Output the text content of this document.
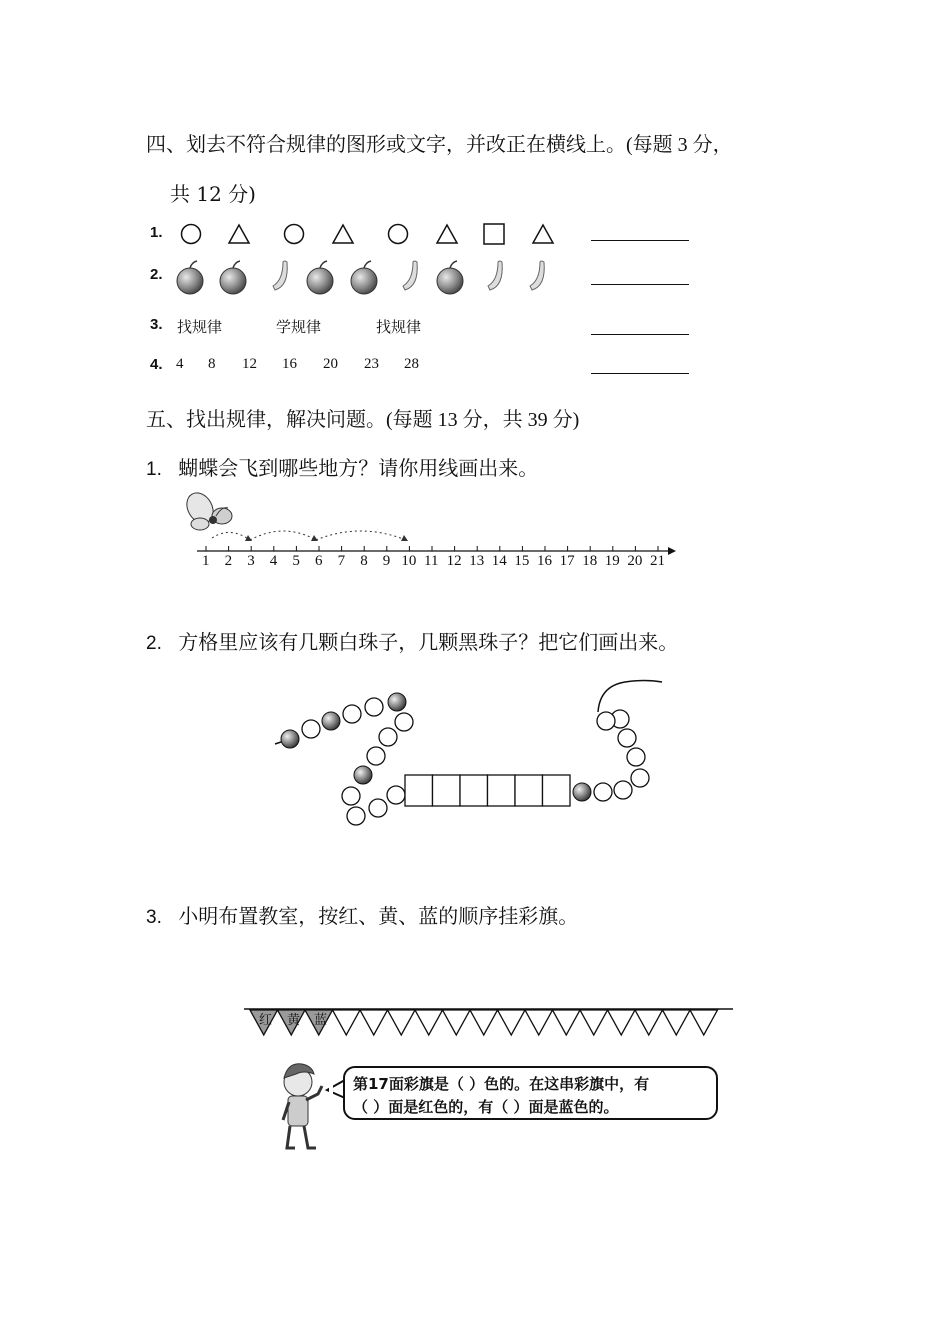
四、划去不符合规律的图形或文字，并改正在横线上。(每题 3 分，
共 12 分)
1.
2.
3. 找规律	学规律	找规律
4. 4 8 12 16 20 23 28
五、找出规律，解决问题。(每题 13 分，共 39 分)
1. 蝴蝶会飞到哪些地方？请你用线画出来。
1 2 3 4 5 6 7 8 9 10 11 12 13 14 15 16 17 18 19 20 21
2. 方格里应该有几颗白珠子，几颗黑珠子？把它们画出来。
3. 小明布置教室，按红、黄、蓝的顺序挂彩旗。
红 黄 蓝
第17面彩旗是（ ）色的。在这串彩旗中，有
（ ）面是红色的，有（ ）面是蓝色的。
